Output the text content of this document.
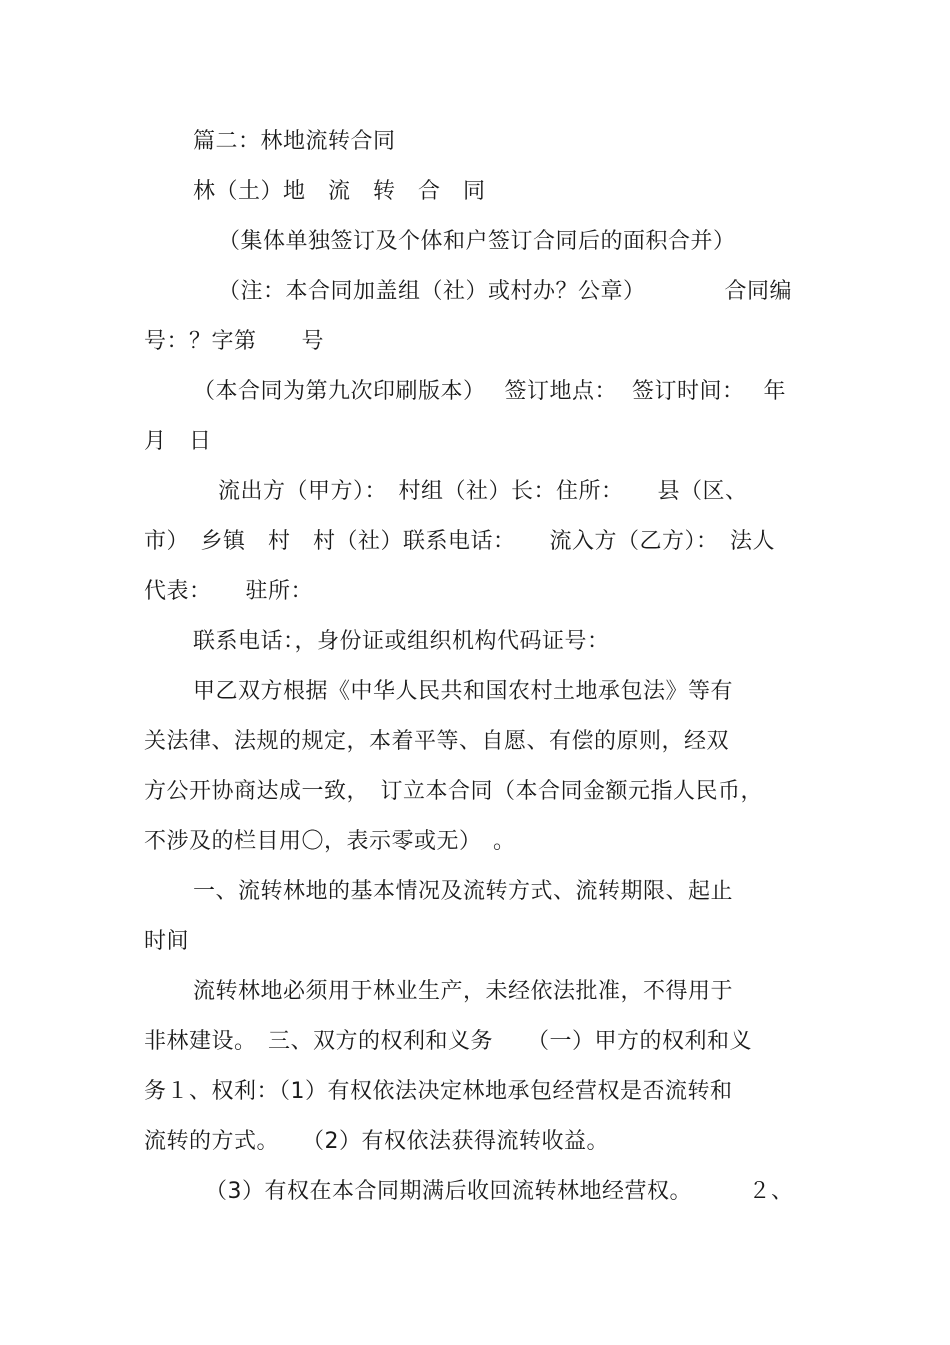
篇二：林地流转合同
林（土）地　流　转　合　同
（集体单独签订及个体和户签订合同后的面积合并）
（注：本合同加盖组（社）或村办？公章）　　　　合同编
号：？字第　　号
（本合同为第九次印刷版本）　 签订地点：  签订时间：　 年
月　日
流出方（甲方）：　村组（社）长：住所：　　县（区、
市）　乡镇　村　村（社）联系电话：　　流入方（乙方）：　法人
代表：　　驻所：
联系电话：，身份证或组织机构代码证号：
甲乙双方根据《中华人民共和国农村土地承包法》等有
关法律、法规的规定，本着平等、自愿、有偿的原则，经双
方公开协商达成一致，　订立本合同（本合同金额元指人民币，
不涉及的栏目用〇，表示零或无）　。
一、流转林地的基本情况及流转方式、流转期限、起止
时间
流转林地必须用于林业生产，未经依法批准，不得用于
非林建设。　三、双方的权利和义务　　（一）甲方的权利和义
务１、权利：（1）有权依法决定林地承包经营权是否流转和
流转的方式。　　（2）有权依法获得流转收益。
（3）有权在本合同期满后收回流转林地经营权。　　　２、
